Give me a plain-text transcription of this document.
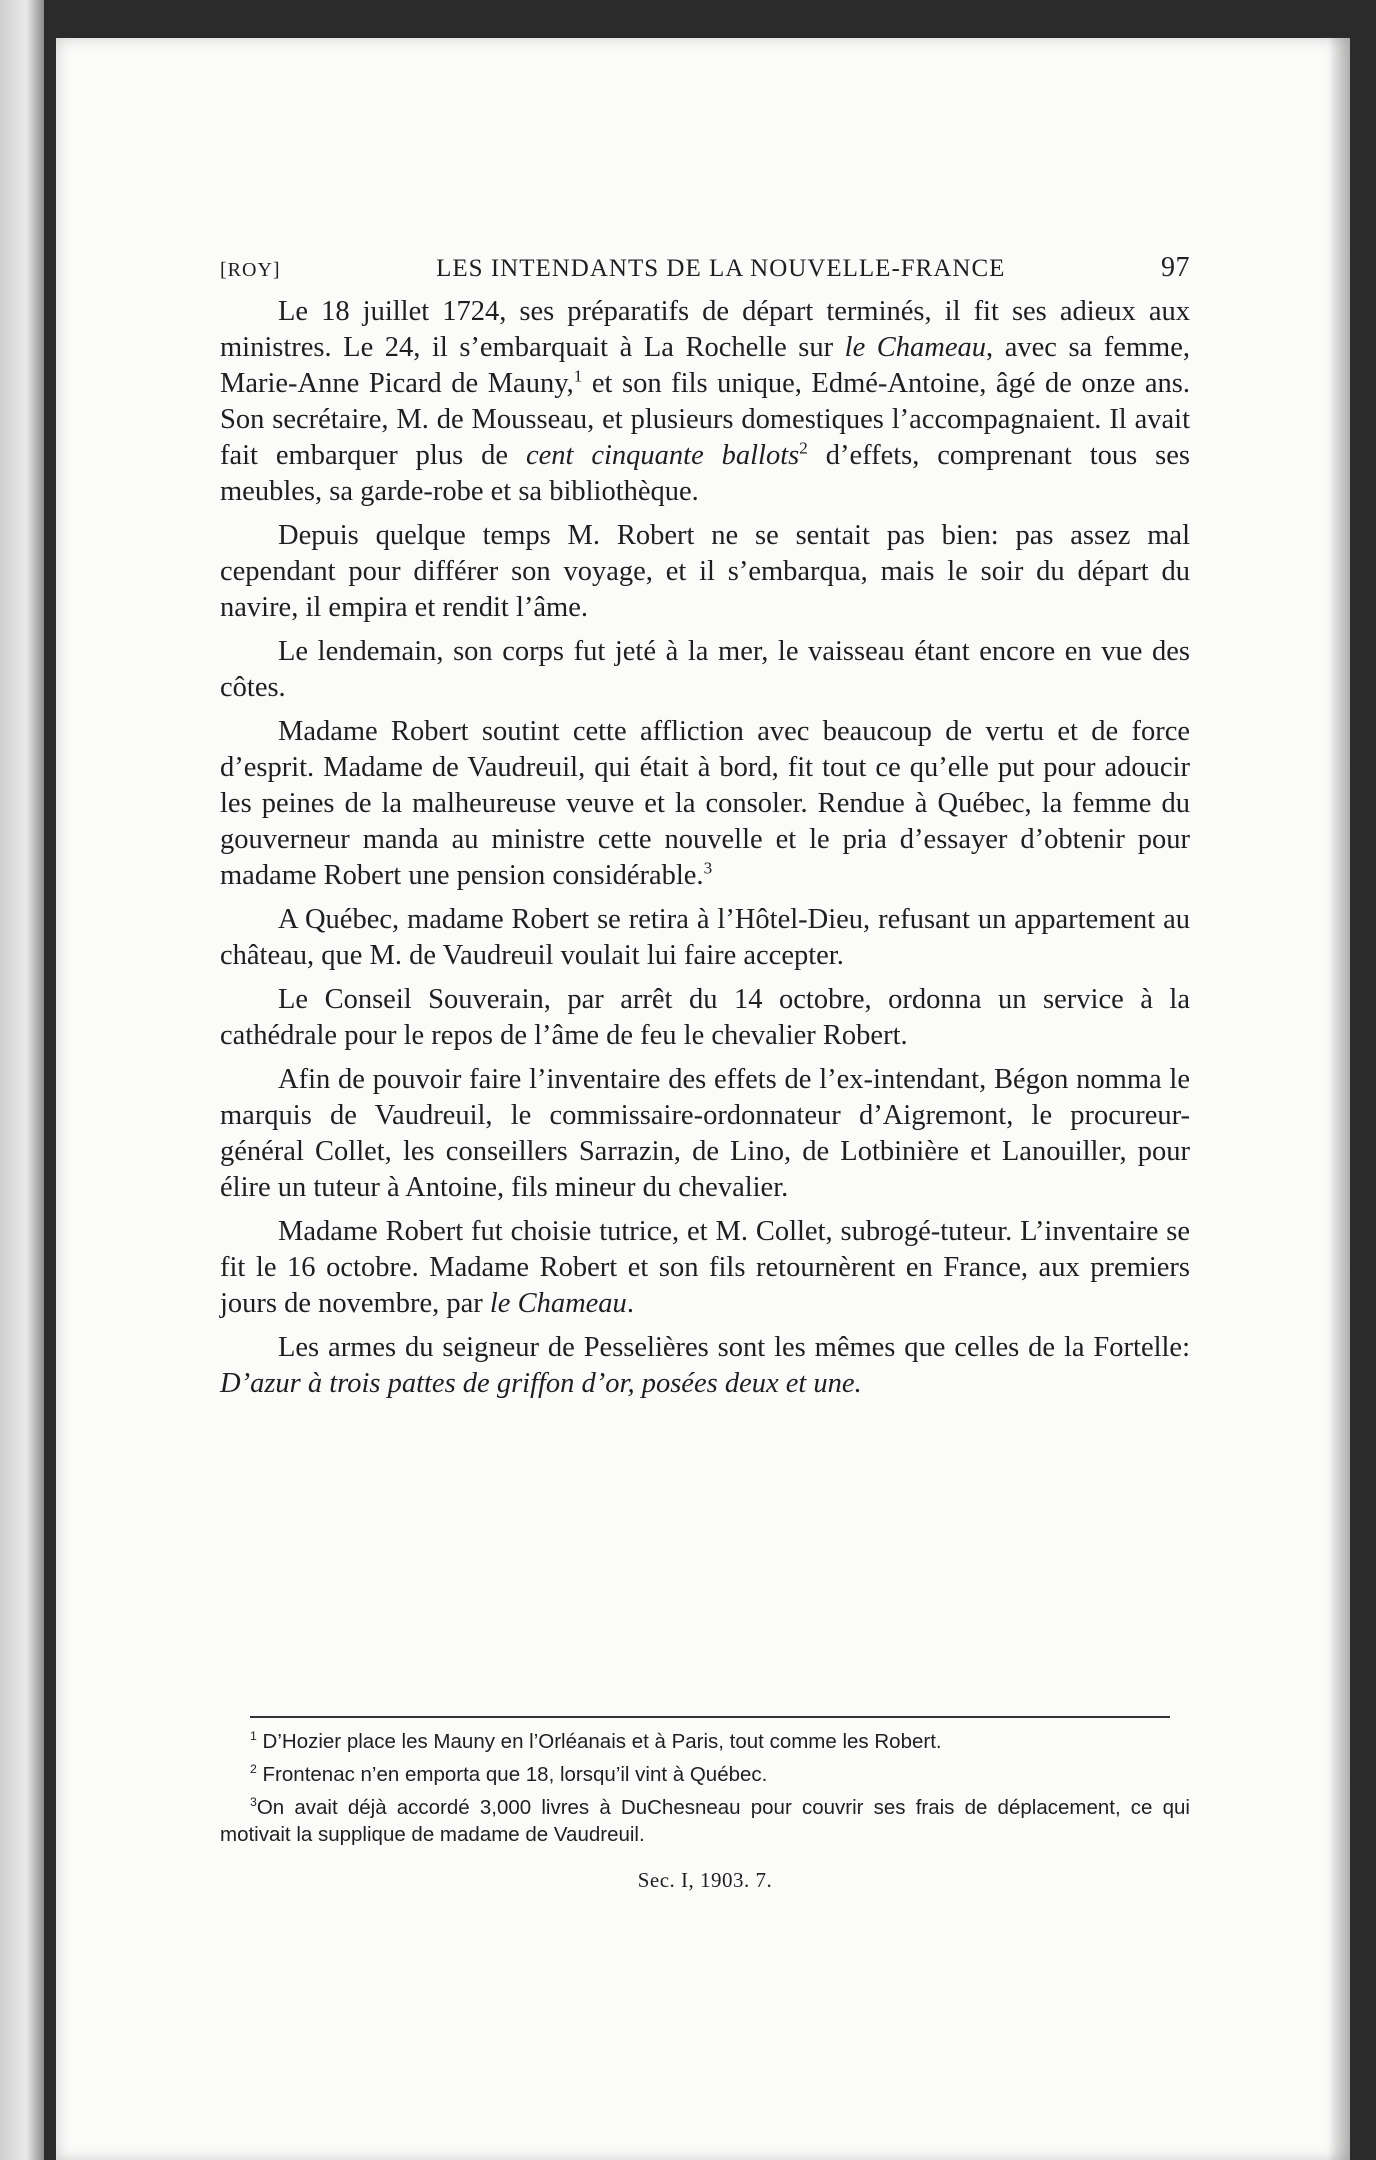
[ROY]	LES INTENDANTS DE LA NOUVELLE-FRANCE	97

Le 18 juillet 1724, ses préparatifs de départ terminés, il fit ses adieux aux ministres. Le 24, il s’embarquait à La Rochelle sur le Chameau, avec sa femme, Marie-Anne Picard de Mauny,$^1$ et son fils unique, Edmé-Antoine, âgé de onze ans. Son secrétaire, M. de Mousseau, et plusieurs domestiques l’accompagnaient. Il avait fait embarquer plus de cent cinquante ballots$^2$ d’effets, comprenant tous ses meubles, sa garde-robe et sa bibliothèque.

Depuis quelque temps M. Robert ne se sentait pas bien: pas assez mal cependant pour différer son voyage, et il s’embarqua, mais le soir du départ du navire, il empira et rendit l’âme.

Le lendemain, son corps fut jeté à la mer, le vaisseau étant encore en vue des côtes.

Madame Robert soutint cette affliction avec beaucoup de vertu et de force d’esprit. Madame de Vaudreuil, qui était à bord, fit tout ce qu’elle put pour adoucir les peines de la malheureuse veuve et la consoler. Rendue à Québec, la femme du gouverneur manda au ministre cette nouvelle et le pria d’essayer d’obtenir pour madame Robert une pension considérable.$^3$

A Québec, madame Robert se retira à l’Hôtel-Dieu, refusant un appartement au château, que M. de Vaudreuil voulait lui faire accepter.

Le Conseil Souverain, par arrêt du 14 octobre, ordonna un service à la cathédrale pour le repos de l’âme de feu le chevalier Robert.

Afin de pouvoir faire l’inventaire des effets de l’ex-intendant, Bégon nomma le marquis de Vaudreuil, le commissaire-ordonnateur d’Aigremont, le procureur-général Collet, les conseillers Sarrazin, de Lino, de Lotbinière et Lanouiller, pour élire un tuteur à Antoine, fils mineur du chevalier.

Madame Robert fut choisie tutrice, et M. Collet, subrogé-tuteur. L’inventaire se fit le 16 octobre. Madame Robert et son fils retournèrent en France, aux premiers jours de novembre, par le Chameau.

Les armes du seigneur de Pesselières sont les mêmes que celles de la Fortelle: D’azur à trois pattes de griffon d’or, posées deux et une.

$^1$ D’Hozier place les Mauny en l’Orléanais et à Paris, tout comme les Robert.

$^2$ Frontenac n’en emporta que 18, lorsqu’il vint à Québec.

$^3$On avait déjà accordé 3,000 livres à DuChesneau pour couvrir ses frais de déplacement, ce qui motivait la supplique de madame de Vaudreuil.

Sec. I, 1903. 7.
